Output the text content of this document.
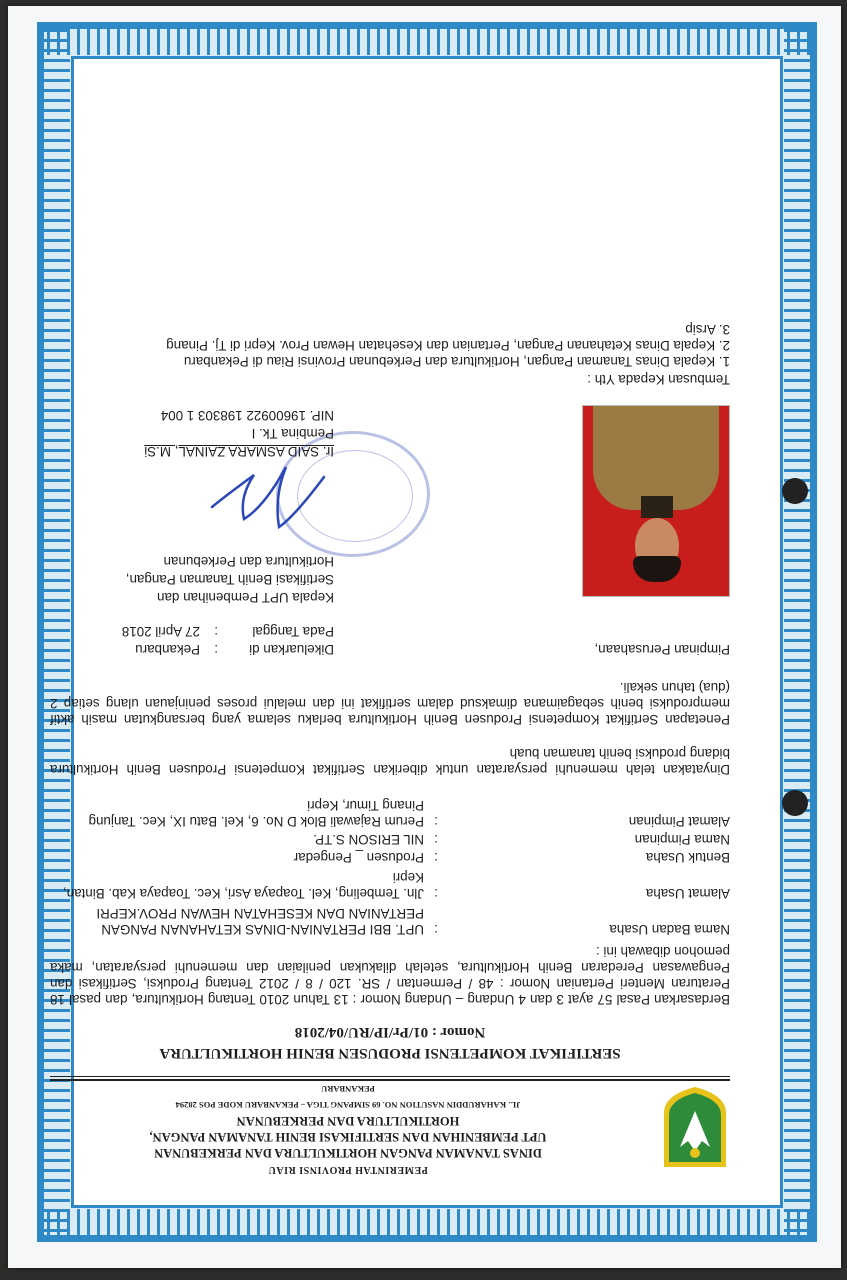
PEMERINTAH PROVINSI RIAU
DINAS TANAMAN PANGAN HORTIKULTURA DAN PERKEBUNAN
UPT PEMBENIHAN DAN SERTIFIKASI BENIH TANAMAN PANGAN,
HORTIKULTURA DAN PERKEBUNAN
JL. KAHARUDDIN NASUTION NO. 69 SIMPANG TIGA – PEKANBARU KODE POS 28294
PEKANBARU
SERTIFIKAT KOMPETENSI PRODUSEN BENIH HORTIKULTURA
Nomor : 01/Pr/IP/RU/04/2018
Berdasarkan Pasal 57 ayat 3 dan 4 Undang – Undang Nomor : 13 Tahun 2010 Tentang Hortikultura, dan pasal 18 Peraturan Menteri Pertanian Nomor : 48 / Permentan / SR. 120 / 8 / 2012 Tentang Produksi, Sertifikasi dan Pengawasan Peredaran Benih Hortikultura, setelah dilakukan penilaian dan memenuhi persyaratan, maka pemohon dibawah ini :
Nama Badan Usaha
:
UPT. BBI PERTANIAN-DINAS KETAHANAN PANGAN PERTANIAN DAN KESEHATAN HEWAN PROV.KEPRI
Alamat Usaha
:
Jln. Tembeling, Kel. Toapaya Asri, Kec. Toapaya Kab. Bintan, Kepri
Bentuk Usaha
:
Produsen _ Pengedar
Nama Pimpinan
:
NIL ERISON S.TP.
Alamat Pimpinan
:
Perum Rajawali Blok D No. 6, Kel. Batu IX, Kec. Tanjung Pinang Timur, Kepri
Dinyatakan telah memenuhi persyaratan untuk diberikan Sertifikat Kompetensi Produsen Benih Hortikultura bidang produksi benih tanaman buah
Penetapan Sertifikat Kompetensi Produsen Benih Hortikultura berlaku selama yang bersangkutan masih aktif memproduksi benih sebagaimana dimaksud dalam sertifikat ini dan melalui proses peninjauan ulang setiap 2 (dua) tahun sekali.
Pimpinan Perusahaan,
Dikeluarkan di
:
Pekanbaru
Pada Tanggal
:
27 April 2018
Kepala UPT Pembenihan dan
Sertifikasi Benih Tanaman Pangan,
Hortikultura dan Perkebunan
Ir. SAID ASMARA ZAINAL, M.Si
Pembina Tk. I
NIP. 19600922 198303 1 004
Tembusan Kepada Yth :
1. Kepala Dinas Tanaman Pangan, Hortikultura dan Perkebunan Provinsi Riau di Pekanbaru
2. Kepala Dinas Ketahanan Pangan, Pertanian dan Kesehatan Hewan Prov. Kepri di Tj. Pinang
3. Arsip
